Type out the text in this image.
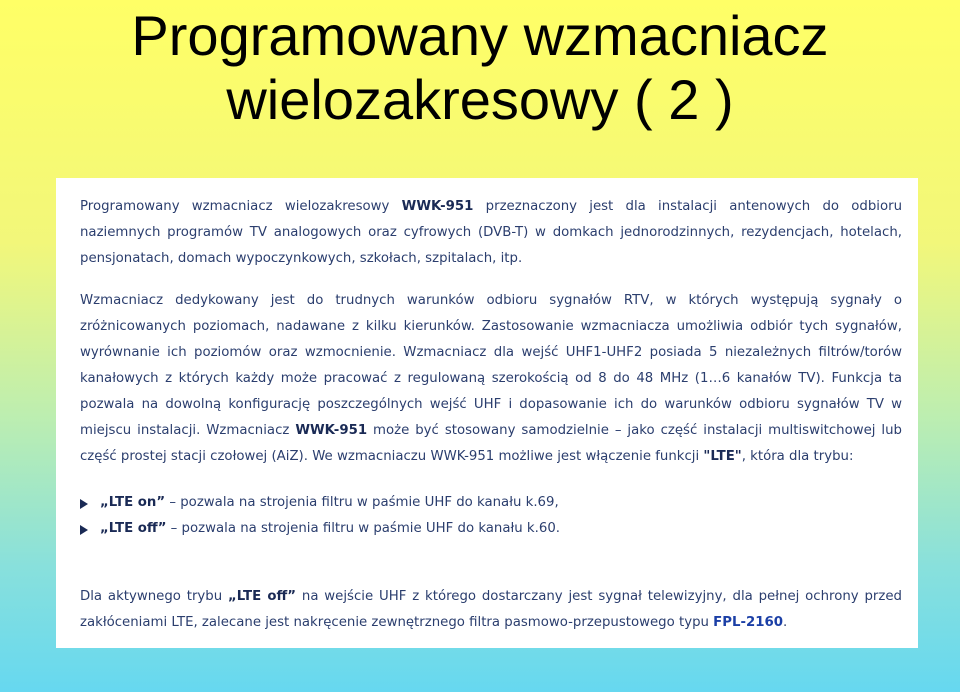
Programowany wzmacniacz
wielozakresowy ( 2 )

Programowany wzmacniacz wielozakresowy WWK-951 przeznaczony jest dla instalacji antenowych do odbioru naziemnych programów TV analogowych oraz cyfrowych (DVB-T) w domkach jednorodzinnych, rezydencjach, hotelach, pensjonatach, domach wypoczynkowych, szkołach, szpitalach, itp.

Wzmacniacz dedykowany jest do trudnych warunków odbioru sygnałów RTV, w których występują sygnały o zróżnicowanych poziomach, nadawane z kilku kierunków. Zastosowanie wzmacniacza umożliwia odbiór tych sygnałów, wyrównanie ich poziomów oraz wzmocnienie. Wzmacniacz dla wejść UHF1-UHF2 posiada 5 niezależnych filtrów/torów kanałowych z których każdy może pracować z regulowaną szerokością od 8 do 48 MHz (1…6 kanałów TV). Funkcja ta pozwala na dowolną konfigurację poszczególnych wejść UHF i dopasowanie ich do warunków odbioru sygnałów TV w miejscu instalacji. Wzmacniacz WWK-951 może być stosowany samodzielnie – jako część instalacji multiswitchowej lub część prostej stacji czołowej (AiZ). We wzmacniaczu WWK-951 możliwe jest włączenie funkcji "LTE", która dla trybu:

„LTE on” – pozwala na strojenia filtru w paśmie UHF do kanału k.69,
„LTE off” – pozwala na strojenia filtru w paśmie UHF do kanału k.60.

Dla aktywnego trybu „LTE off” na wejście UHF z którego dostarczany jest sygnał telewizyjny, dla pełnej ochrony przed zakłóceniami LTE, zalecane jest nakręcenie zewnętrznego filtra pasmowo-przepustowego typu FPL-2160.
